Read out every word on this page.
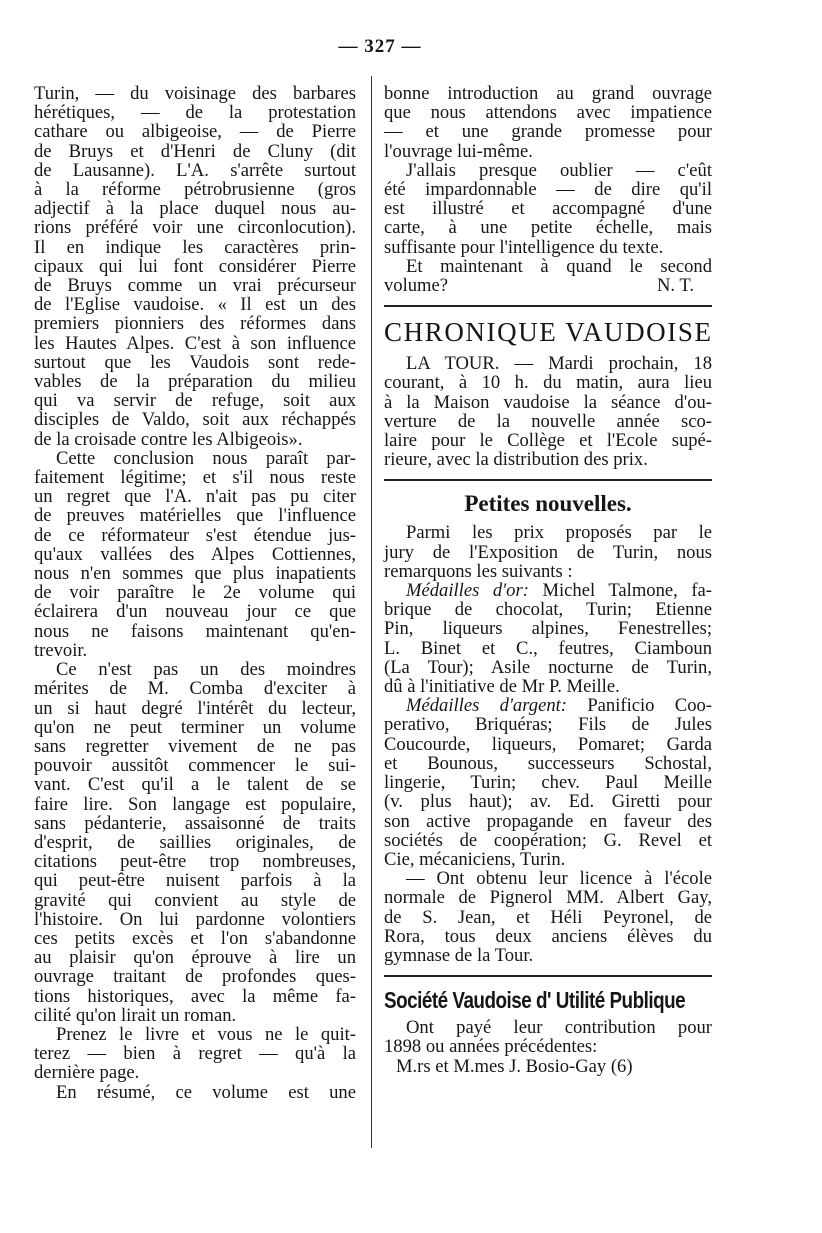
— 327 —

Turin, — du voisinage des barbares

hérétiques, — de la protestation

cathare ou albigeoise, — de Pierre

de Bruys et d'Henri de Cluny (dit

de Lausanne). L'A. s'arrête surtout

à la réforme pétrobrusienne (gros

adjectif à la place duquel nous au-

rions préféré voir une circonlocution).

Il en indique les caractères prin-

cipaux qui lui font considérer Pierre

de Bruys comme un vrai précurseur

de l'Eglise vaudoise. « Il est un des

premiers pionniers des réformes dans

les Hautes Alpes. C'est à son influence

surtout que les Vaudois sont rede-

vables de la préparation du milieu

qui va servir de refuge, soit aux

disciples de Valdo, soit aux réchappés

de la croisade contre les Albigeois».

Cette conclusion nous paraît par-

faitement légitime; et s'il nous reste

un regret que l'A. n'ait pas pu citer

de preuves matérielles que l'influence

de ce réformateur s'est étendue jus-

qu'aux vallées des Alpes Cottiennes,

nous n'en sommes que plus inapatients

de voir paraître le 2e volume qui

éclairera d'un nouveau jour ce que

nous ne faisons maintenant qu'en-

trevoir.

Ce n'est pas un des moindres

mérites de M. Comba d'exciter à

un si haut degré l'intérêt du lecteur,

qu'on ne peut terminer un volume

sans regretter vivement de ne pas

pouvoir aussitôt commencer le sui-

vant. C'est qu'il a le talent de se

faire lire. Son langage est populaire,

sans pédanterie, assaisonné de traits

d'esprit, de saillies originales, de

citations peut-être trop nombreuses,

qui peut-être nuisent parfois à la

gravité qui convient au style de

l'histoire. On lui pardonne volontiers

ces petits excès et l'on s'abandonne

au plaisir qu'on éprouve à lire un

ouvrage traitant de profondes ques-

tions historiques, avec la même fa-

cilité qu'on lirait un roman.

Prenez le livre et vous ne le quit-

terez — bien à regret — qu'à la

dernière page.

En résumé, ce volume est une

bonne introduction au grand ouvrage

que nous attendons avec impatience

— et une grande promesse pour

l'ouvrage lui-même.

J'allais presque oublier — c'eût

été impardonnable — de dire qu'il

est illustré et accompagné d'une

carte, à une petite échelle, mais

suffisante pour l'intelligence du texte.

Et maintenant à quand le second

volume?	N. T.

CHRONIQUE VAUDOISE

LA TOUR. — Mardi prochain, 18

courant, à 10 h. du matin, aura lieu

à la Maison vaudoise la séance d'ou-

verture de la nouvelle année sco-

laire pour le Collège et l'Ecole supé-

rieure, avec la distribution des prix.

Petites nouvelles.

Parmi les prix proposés par le

jury de l'Exposition de Turin, nous

remarquons les suivants :

Médailles d'or: Michel Talmone, fa-

brique de chocolat, Turin; Etienne

Pin, liqueurs alpines, Fenestrelles;

L. Binet et C., feutres, Ciamboun

(La Tour); Asile nocturne de Turin,

dû à l'initiative de Mr P. Meille.

Médailles d'argent: Panificio Coo-

perativo, Briquéras; Fils de Jules

Coucourde, liqueurs, Pomaret; Garda

et Bounous, successeurs Schostal,

lingerie, Turin; chev. Paul Meille

(v. plus haut); av. Ed. Giretti pour

son active propagande en faveur des

sociétés de coopération; G. Revel et

Cie, mécaniciens, Turin.

— Ont obtenu leur licence à l'école

normale de Pignerol MM. Albert Gay,

de S. Jean, et Héli Peyronel, de

Rora, tous deux anciens élèves du

gymnase de la Tour.

Société Vaudoise d' Utilité Publique

Ont payé leur contribution pour

1898 ou années précédentes:

M.rs et M.mes J. Bosio-Gay (6)
